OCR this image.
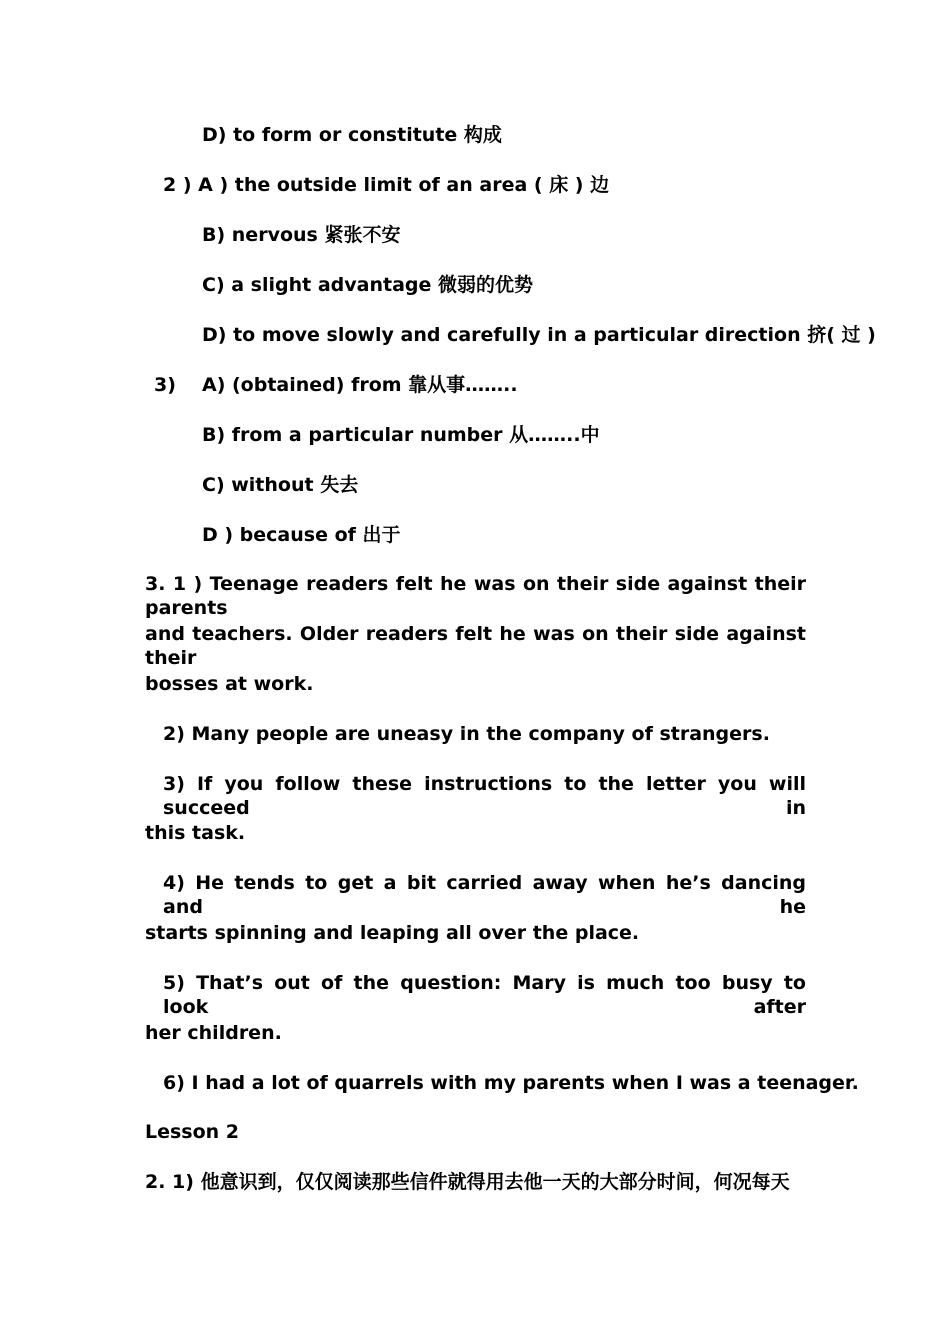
D) to form or constitute 构成
2 ) A ) the outside limit of an area ( 床 ) 边
B) nervous 紧张不安
C) a slight advantage 微弱的优势
D) to move slowly and carefully in a particular direction 挤( 过 )
3) A) (obtained) from 靠从事……..
B) from a particular number 从……..中
C) without 失去
D ) because of 出于
3. 1 ) Teenage readers felt he was on their side against their parents
and teachers. Older readers felt he was on their side against their
bosses at work.
2) Many people are uneasy in the company of strangers.
3) If you follow these instructions to the letter you will succeed in
this task.
4) He tends to get a bit carried away when he’s dancing and he
starts spinning and leaping all over the place.
5) That’s out of the question: Mary is much too busy to look after
her children.
6) I had a lot of quarrels with my parents when I was a teenager.
Lesson 2
2. 1) 他意识到，仅仅阅读那些信件就得用去他一天的大部分时间，何况每天
